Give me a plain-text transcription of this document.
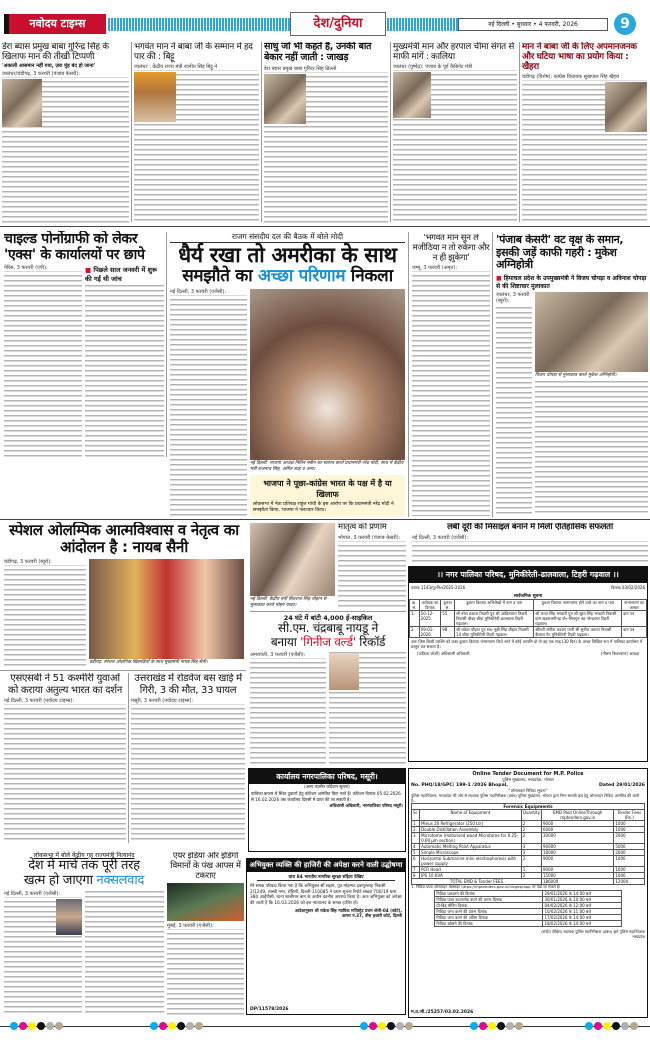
नवोदय टाइम्स	देश/दुनिया	नई दिल्ली • बुधवार • 4 फरवरी, 2026	9
डेरा ब्यास प्रमुख बाबा गुरिन्द्र सिंह के खिलाफ मान की तीखी टिप्पणी
'अकाली आसमान नहीं गया, ज़रा मुंह बंद हो जाना'
जालंधर/चंडीगढ़, 3 फरवरी (पंजाब केसरी):
भगवंत मान ने बाबा जी के सम्मान में हद पार की : बिट्टू
जालंधर : केंद्रीय राज्य मंत्री रवनीत सिंह बिट्टू ने
साधु जो भी कहते हैं, उनकी बात बेकार नहीं जाती : जाखड़
डेरा ब्यास प्रमुख बाबा गुरिंदर सिंह ढिल्लों
मुख्यमंत्री मान और हरपाल चीमा संगत से माफी मांगें : कालिया
जालंधर (पुष्पेंद्र): पंजाब के पूर्व कैबिनेट मंत्री
मान ने बाबा जी के लिए अपमानजनक और घटिया भाषा का प्रयोग किया : खैहरा
चंडीगढ़ (विशेष): कांग्रेस विधायक सुखपाल सिंह खैहरा
चाइल्ड पोर्नोग्राफी को लेकर 'एक्स' के कार्यालयों पर छापे
पेरिस, 3 फरवरी (एपी):	■ पिछले साल जनवरी में शुरू की गई थी जांच
राजग संसदीय दल की बैठक में बोले मोदी
धैर्य रखा तो अमरीका के साथ
समझौते का अच्छा परिणाम निकला
नई दिल्ली, 3 फरवरी (एजेंसी):
नई दिल्ली: भाजपा अध्यक्ष नितिन नबीन का स्वागत करते प्रधानमंत्री नरेंद्र मोदी, साथ में केंद्रीय मंत्री राजनाथ सिंह, अमित शाह व अन्य।
भाजपा ने पूछा-कांग्रेस भारत के पक्ष में है या खिलाफ
लोकसभा में नेता प्रतिपक्ष राहुल गांधी के इस आरोप पर कि प्रधानमंत्री नरेंद्र मोदी ने समझौता किया, भाजपा ने पलटवार किया।
'भगवंत मान सुन लें मजीठिया न तो रुकेगा और न ही झुकेगा'
जम्मू, 3 फरवरी (अमृत):
'पंजाब केसरी' वट वृक्ष के समान, इसकी जड़ें काफी गहरी : मुकेश अग्निहोत्री
■ हिमाचल प्रदेश के उपमुख्यमंत्री ने विजय चोपड़ा व अविनाश चोपड़ा से की शिष्टाचार मुलाकात
जालंधर, 3 फरवरी (ब्यूरो):
विजय चोपड़ा से मुलाकात करते मुकेश अग्निहोत्री।
स्पेशल ओलम्पिक आत्मविश्वास व नेतृत्व का आंदोलन है : नायब सैनी
चंडीगढ़, 3 फरवरी (ब्यूरो):
चंडीगढ़: स्पेशल ओलंपिक खिलाड़ियों के साथ मुख्यमंत्री नायब सिंह सैनी।
नई दिल्ली: केंद्रीय मंत्री शिवराज सिंह चौहान से मुलाकात करते मोहन यादव।
मातृत्व को प्रणाम
भोपाल, 3 फरवरी (पंजाब केसरी):
24 घंटे में बांटी 4,000 ई-साइकिल
सी.एम. चंद्रबाबू नायडू ने
बनाया 'गिनीज वर्ल्ड' रिकॉर्ड
अमरावती, 3 फरवरी (एजेंसी):
लंबी दूरी की मिसाइल बनाने में मिली ऐतिहासिक सफलता
नई दिल्ली, 3 फरवरी (एजेंसी):
।। नगर पालिका परिषद, मुनिकीरेती-ढालवाला, टिहरी गढ़वाल ।।
पत्रांक 1143/पु०नि०/2025-2026	दिनांक 03/02/2026
सार्वजनिक सूचना
क्र. सं.	आवेदक का दिनांक	दुकान सं.	दुकान किराया अभिलेखों में नाम व पता	दुकान किराया नामान्तरण होने वाले का नाम व पता	नामान्तरण का आधार
1.	10-12-2025	55	श्री नरेश प्रकाश तिवारी पुत्र श्री आदित्यराम तिवारी निवासी चौदह बीघा मुनिकीरेती-ढालवाला टिहरी गढ़वाल।	श्री जगत सिंह भण्डारी पुत्र श्री सूरत सिंह भण्डारी निवासी ग्राम खदरालगीगढ़ पो०-सितगुरु तह नरेन्द्रनगर टिहरी गढ़वाल।	दान पत्र
2	09-01-2026	98	श्री राकेश चौहान पुत्र स्व० मुन्नी सिंह चौहान निवासी 14 बीघा मुनिकीरेती टिहरी गढ़वाल।	श्रीमती संगीता कश्यप पत्नी श्री सुनील कश्यप निवासी कैलाश गेट मुनिकीरेती टिहरी गढ़वाल।	दान पत्र
अतः जिस किसी व्यक्ति को उक्त दुकान किराया नामान्तरण किये जाने में कोई आपत्ति हो तो वह एक माह (30 दिन) के अन्दर लिखित रूप में पालिका कार्यालय में प्रस्तुत कर सकता है।
(अंकिता जोशी) अधिशासी अधिकारी	(नीलम बिजल्वाण) अध्यक्ष
एसएसबी ने 51 कश्मीरी युवाओं को कराया अतुल्य भारत का दर्शन
नई दिल्ली, 3 फरवरी (नवोदय टाइम्स):
उत्तराखंड में रोडवेज बस खाई में गिरी, 3 की मौत, 33 घायल
मसूरी, 3 फरवरी (नवोदय टाइम्स):
कार्यालय नगरपालिका परिषद, मसूरी।
(अल्प कालीन कोटेशन सूचना)
पालिका बाजार में स्थित दुकानों हेतु कोटेशन आमंत्रित किए जाते हैं। कोटेशन दिनांक 05.02.2026 से 16.02.2026 तक कार्यालय दिवसों में प्राप्त की जा सकती है।
अधिशासी अधिकारी, नगरपालिका परिषद मसूरी।
Online Tender Document for M.P. Police
पुलिस मुख्यालय, मध्यप्रदेश, भोपाल
No. PHQ/18/GPC/ 199-1 /2026 Bhopal,	Dated 29/01/2026
''ऑनलाइन निविदा सूचना''
पुलिस महानिदेशक, मध्यप्रदेश की ओर से सहायक पुलिस महानिरीक्षक (प्रबंध) पुलिस मुख्यालय, भोपाल द्वारा निम्न सामग्री क्रय हेतु ऑनलाइन निविदा आमंत्रित की जाती है:-
Forensic Equipments
Sr.	Name of Equipment	Quantity	EMD Paid OnlineThrough mptenders.gov.in	Tender Fees (Rs.)
1	Minus 20 Refrigerator (250 Ltr)	2	9000	1000
2	Double Distillation Assembly	2	6000	1000
3	Microtome (motorised wood Microtome for 0.25-0.60 µm section)	2	30000	2000
4	Automatic Melting Point Apparatus	3	90000	5000
5	Simple Microscope	3	18000	2000
6	Horizontal Submarine mini electrophoresis with power supply	2	9000	1000
7	PCR Head	1	9000	1000
8	IPS 10 KVA	2	15000	1000
TOTAL EMD & Tender FEES			186000	12000
1. निविदा प्रपत्र ऑनलाइन वेबसाइट https://mptenders.gov.in/nicgep/app पर देखे जा सकते हैं।
निविदा प्रकाशन की दिनांक	29/01/2026 के 14:00 बजे
निविदा प्रपत्र डाउनलोड करने की प्रारंभ दिनांक	30/01/2026 के 10:00 बजे
प्री-बिड मीटिंग दिनांक	04/02/2026 के 12:00 बजे
निविदा जमा करने की प्रारंभ दिनांक	10/02/2026 के 11:00 बजे
निविदा जमा करने की अंतिम दिनांक	17/02/2026 के 14:00 बजे
निविदा खोलने की दिनांक	18/02/2026 के 14:00 बजे
(संदीप दीक्षित) सहायक पुलिस महानिरीक्षक (प्रबंध) कृते पुलिस महानिदेशक मध्यप्रदेश
म.प्र.जी./25257/03.02.2026
लोकसभा में बोले केंद्रीय गृह राज्यमंत्री नित्यानंद
देश में मार्च तक पूरी तरह
खत्म हो जाएगा नक्सलवाद
नई दिल्ली, 3 फरवरी (एजेंसी):
एयर इंडिया और इंडिगो विमानों के पंख आपस में टकराए
मुंबई, 3 फरवरी (एजेंसी):
अभियुक्त व्यक्ति की हाजिरी की अपेक्षा करने वाली उद्घोषणा
धारा 84 भारतीय नागरिक सुरक्षा संहिता देखिए
मेरे समक्ष परिवाद किया गया है कि अभियुक्त श्री सद्दाम, पुत्र मोहम्मद इकमुल्लाह निवासी 2/1249, शास्त्री नगर, रोहिणी, दिल्ली-110085 ने प्रथम सूचना रिपोर्ट संख्या 700/19 धारा 380 आईपीसी, थाना शालीमार बाग के अधीन दंडनीय अपराध किया है। अतः अभियुक्त को अपेक्षा की जाती है कि 16.03.2026 को इस न्यायालय के समक्ष हाजिर हो।
आदेशानुसार श्री राकेश सिंह न्यायिक मजिस्ट्रेट प्रथम श्रेणी-04 (कोर्ट), कमरा नं.37, तीस हजारी कोर्ट, दिल्ली
DP/11578/2026
